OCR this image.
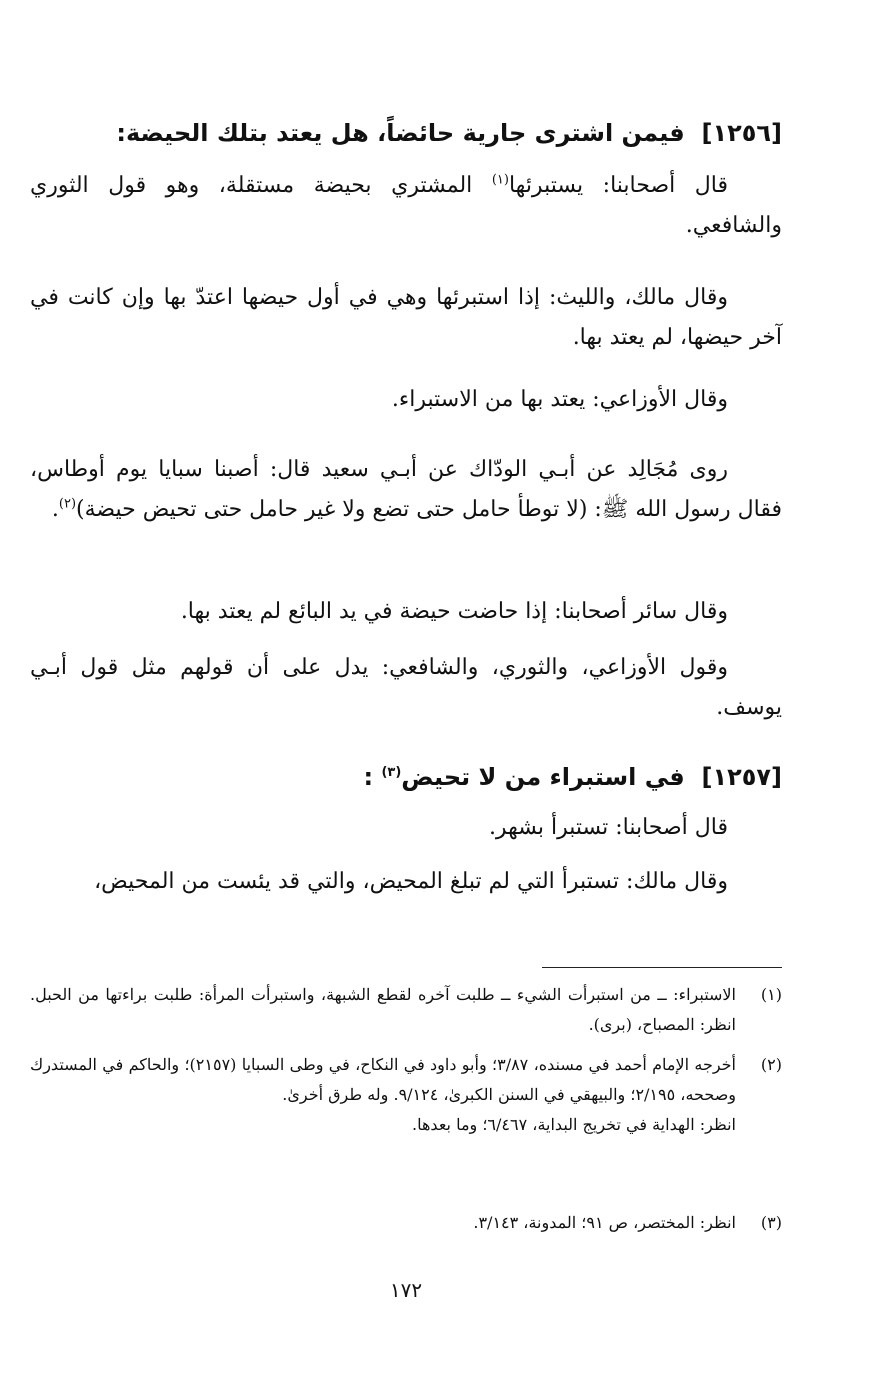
[١٢٥٦]  فيمن اشترى جارية حائضاً، هل يعتد بتلك الحيضة:
قال أصحابنا: يستبرئها$^{(١)}$ المشتري بحيضة مستقلة، وهو قول الثوري والشافعي.
وقال مالك، والليث: إذا استبرئها وهي في أول حيضها اعتدّ بها وإن كانت في آخر حيضها، لم يعتد بها.
وقال الأوزاعي: يعتد بها من الاستبراء.
روى مُجَالِد عن أبـي الودّاك عن أبـي سعيد قال: أصبنا سبايا يوم أوطاس، فقال رسول الله ﷺ: (لا توطأ حامل حتى تضع ولا غير حامل حتى تحيض حيضة)$^{(٢)}$.
وقال سائر أصحابنا: إذا حاضت حيضة في يد البائع لم يعتد بها.
وقول الأوزاعي، والثوري، والشافعي: يدل على أن قولهم مثل قول أبـي يوسف.
[١٢٥٧]  في استبراء من لا تحيض$^{(٣)}$ :
قال أصحابنا: تستبرأ بشهر.
وقال مالك: تستبرأ التي لم تبلغ المحيض، والتي قد يئست من المحيض،
(١)
الاستبراء: ــ من استبرأت الشيء ــ طلبت آخره لقطع الشبهة، واستبرأت المرأة: طلبت براءتها من الحبل. انظر: المصباح، (برى).
(٢)
أخرجه الإمام أحمد في مسنده، ٣/٨٧؛ وأبو داود في النكاح، في وطى السبايا (٢١٥٧)؛ والحاكم في المستدرك وصححه، ٢/١٩٥؛ والبيهقي في السنن الكبرىٰ، ٩/١٢٤. وله طرق أخرىٰ.
انظر: الهداية في تخريج البداية، ٦/٤٦٧؛ وما بعدها.
(٣)
انظر: المختصر، ص ٩١؛ المدونة، ٣/١٤٣.
١٧٢
